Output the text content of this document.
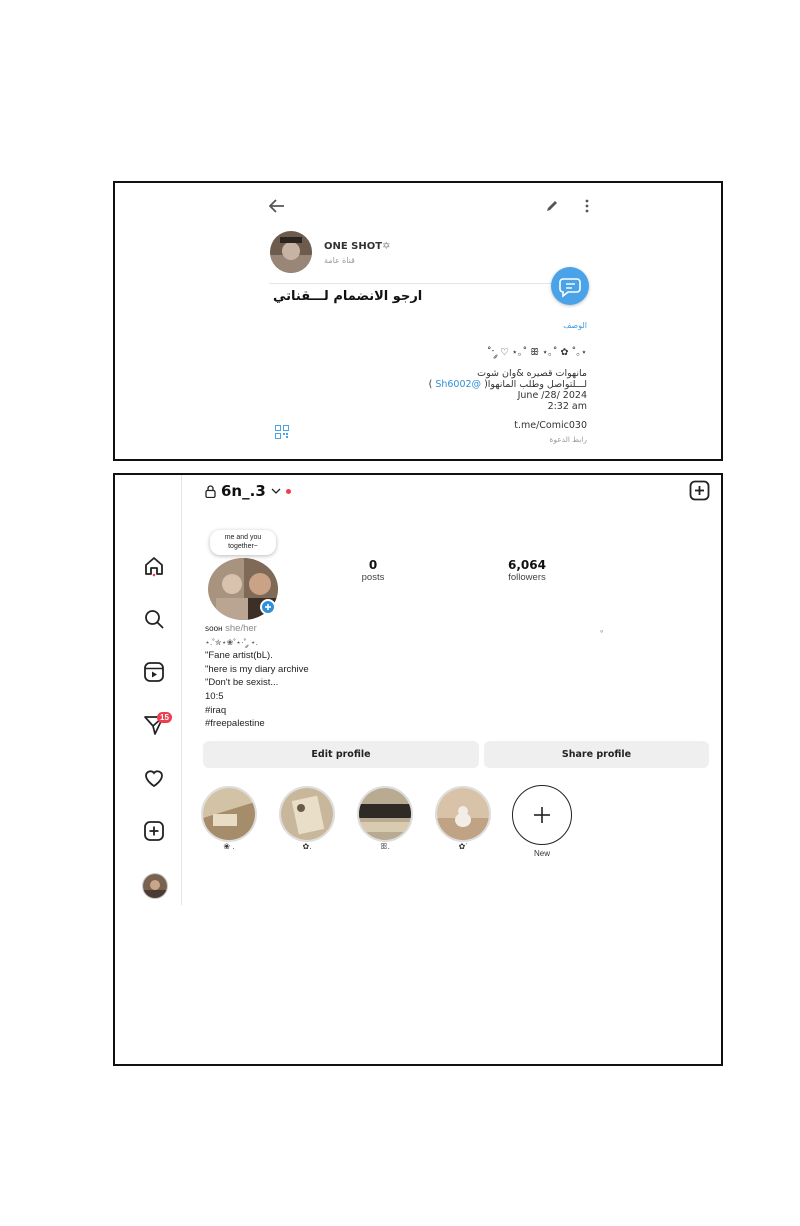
ONE SHOT✡
قناة عامة
ارجو الانضمام لـــقناتي
الوصف
˚ˑ ༘ ♡ ⋆｡˚ ꕥ ⋆｡˚ ✿ ˚｡⋆
مانهوات قصيره &وان شوت
لـــلتواصل وطلب المانهوا( @Sh6002 )
June /28/ 2024
2:32 am
t.me/Comic030
رابط الدعوة
15
6n_.3
me and you together~
0
posts
6,064
followers
◦
ꜱᴏᴏʜ she/her
⋆.˚✮⋆❀˚⋆·˚ ༘ ⋆.
"Fane artist(bL).
"here is my diary archive
"Don't be sexist...
10:5
#iraq
#freepalestine
Edit profile	Share profile
❀ .	✿.	ꕥ.	✿ᐝ
New
